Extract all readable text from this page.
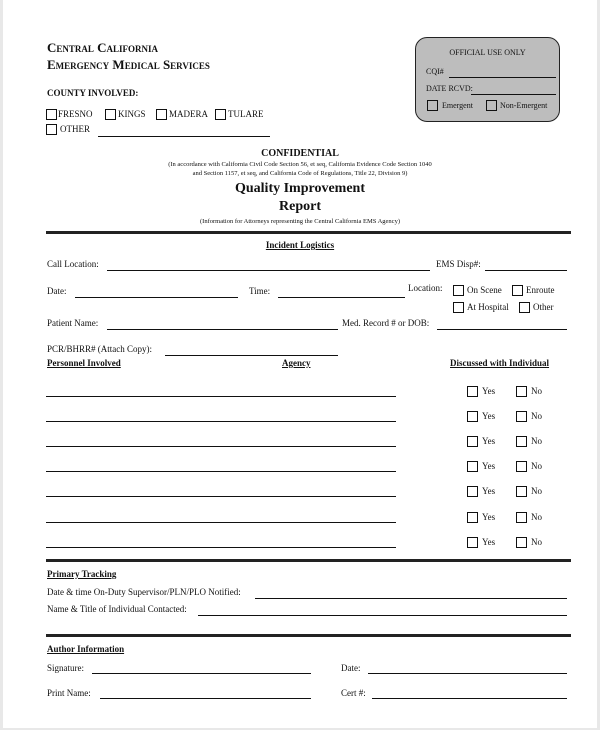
Central California
Emergency Medical Services
COUNTY INVOLVED:
FRESNO	KINGS	MADERA TULARE
OTHER
OFFICIAL USE ONLY
CQI#
DATE RCVD:
Emergent	Non-Emergent
CONFIDENTIAL
(In accordance with California Civil Code Section 56, et seq, California Evidence Code Section 1040
and Section 1157, et seq, and California Code of Regulations, Title 22, Division 9)
Quality Improvement
Report
(Information for Attorneys representing the Central California EMS Agency)
Incident Logistics
Call Location:	EMS Disp#:
Date:	Time:	Location:	On Scene	Enroute
At Hospital	Other
Patient Name:	Med. Record # or DOB:
PCR/BHRR# (Attach Copy):
Personnel Involved	Agency	Discussed with Individual
Yes	No
Yes	No
Yes	No
Yes	No
Yes	No
Yes	No
Yes	No
Primary Tracking
Date & time On-Duty Supervisor/PLN/PLO Notified:
Name & Title of Individual Contacted:
Author Information
Signature:	Date:
Print Name:	Cert #:
